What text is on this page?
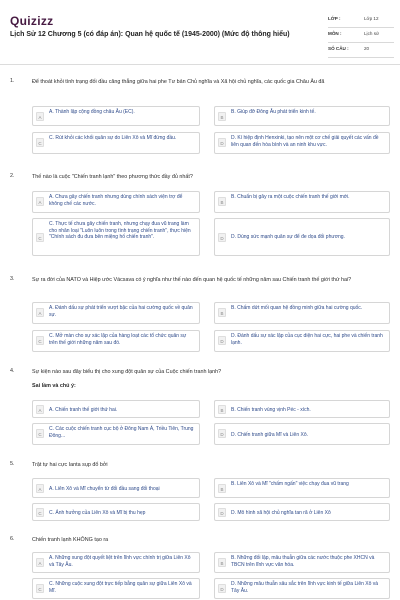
Quizizz
Lịch Sử 12 Chương 5 (có đáp án): Quan hệ quốc tế (1945-2000) (Mức độ thông hiểu)
LỚP :	Lớp 12
MÔN :	Lịch sử
SỐ CÂU :	20
1.	Để thoát khỏi tình trạng đối đầu căng thẳng giữa hai phe Tư bản Chủ nghĩa và Xã hội chủ nghĩa, các quốc gia Châu Âu đã
A
A. Thành lập cộng đồng châu Âu (EC).
B
B. Giúp đỡ Đông Âu phát triển kinh tế.
C
C. Rút khỏi các khối quân sự do Liên Xô và Mĩ đứng đầu.
D
D. Kí hiệp định Henxinki, tạo nên một cơ chế giải quyết các vấn đề liên quan đến hòa bình và an ninh khu vực.
2.	Thế nào là cuộc "Chiến tranh lạnh" theo phương thức đầy đủ nhất?
A
A. Chưa gây chiến tranh nhưng dùng chính sách viện trợ để không chế các nước.	B
B. Chuẩn bị gây ra một cuộc chiến tranh thế giới mới.
C
C. Thực tế chưa gây chiến tranh, nhưng chạy đua vũ trang làm cho nhân loại "Luôn luôn trong tình trạng chiến tranh", thực hiện "Chính sách đu đưa bên miệng hố chiến tranh".	D	D. Dùng sức mạnh quân sự để đe dọa đối phương.
3.	Sự ra đời của NATO và Hiệp ước Vácsava có ý nghĩa như thế nào đến quan hệ quốc tế những năm sau Chiến tranh thế giới thứ hai?
A
A. Đánh dấu sự phát triển vượt bậc của hai cường quốc về quân sự.	B
B. Chấm dứt mối quan hệ đồng minh giữa hai cường quốc.
C
C. Mở màn cho sự xác lập của hàng loạt các tổ chức quân sự trên thế giới những năm sau đó.	D
D. Đánh dấu sự xác lập của cục diện hai cực, hai phe và chiến tranh lạnh.
4.	Sự kiện nào sau đây biểu thị cho xung đột quân sự của Cuộc chiến tranh lạnh?
Sai lầm và chú ý:
A	A. Chiến tranh thế giới thứ hai.	B	B. Chiến tranh vùng vịnh Péc - xích.
C
C. Các cuộc chiến tranh cục bộ ở Đông Nam Á, Triều Tiên, Trung Đông...	D	D. Chiến tranh giữa Mĩ và Liên Xô.
5.	Trật tự hai cực Ianta sụp đổ bởi
A	A. Liên Xô và Mĩ chuyển từ đối đầu sang đối thoại	B
B. Liên Xô và Mĩ "chấm ngấn" việc chạy đua vũ trang
C	C. Ảnh hưởng của Liên Xô và Mĩ bị thu hẹp	D	D. Mô hình xã hội chủ nghĩa tan rã ở Liên Xô
6.	Chiến tranh lạnh KHÔNG tạo ra
A
A. Những xung đột quyết liệt trên lĩnh vực chính trị giữa Liên Xô và Tây Âu.	B
B. Những đối lập, mâu thuẫn giữa các nước thuộc phe XHCN và TBCN trên lĩnh vực văn hóa.
C
C. Những cuộc xung đột trực tiếp bằng quân sự giữa Liên Xô và Mĩ.	D
D. Những mâu thuẫn sâu sắc trên lĩnh vực kinh tế giữa Liên Xô và Tây Âu.
